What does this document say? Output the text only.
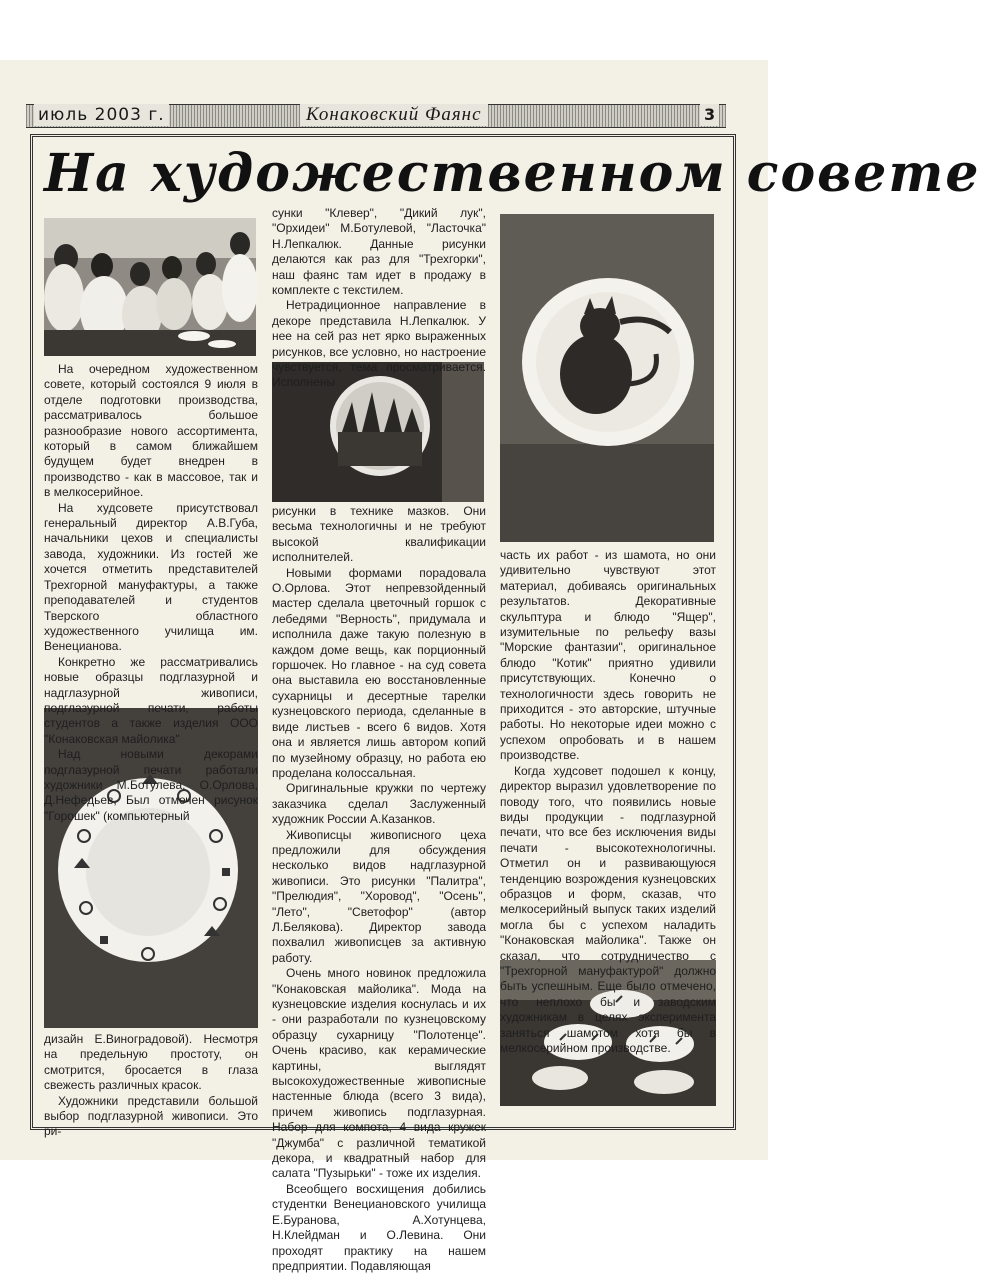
июль 2003 г.	Конаковский Фаянс	3
На художественном совете

На очередном художественном совете, который состоялся 9 июля в отделе подготовки производства, рассматривалось большое разнообразие нового ассортимента, который в самом ближайшем будущем будет внедрен в производство - как в массовое, так и в мелкосерийное.

На худсовете присутствовал генеральный директор А.В.Губа, начальники цехов и специалисты завода, художники. Из гостей же хочется отметить представителей Трехгорной мануфактуры, а также преподавателей и студентов Тверского областного художественного училища им. Венецианова.

Конкретно же рассматривались новые образцы подглазурной и надглазурной живописи, подглазурной печати, работы студентов а также изделия ООО "Конаковская майолика"

Над новыми декорами подглазурной печати работали художники М.Ботулева, О.Орлова, Д.Нефедьев, Был отмечен рисунок "Горошек" (компьютерный

дизайн Е.Виноградовой). Несмотря на предельную простоту, он смотрится, бросается в глаза свежесть различных красок.

Художники представили большой выбор подглазурной живописи. Это ри-

сунки "Клевер", "Дикий лук", "Орхидеи" М.Ботулевой, "Ласточка" Н.Лепкалюк. Данные рисунки делаются как раз для "Трехгорки", наш фаянс там идет в продажу в комплекте с текстилем.

Нетрадиционное направление в декоре представила Н.Лепкалюк. У нее на сей раз нет ярко выраженных рисунков, все условно, но настроение чувствуется, тема просматривается. Исполнены

рисунки в технике мазков. Они весьма технологичны и не требуют высокой квалификации исполнителей.

Новыми формами порадовала О.Орлова. Этот непревзойденный мастер сделала цветочный горшок с лебедями "Верность", придумала и исполнила даже такую полезную в каждом доме вещь, как порционный горшочек. Но главное - на суд совета она выставила ею восстановленные сухарницы и десертные тарелки кузнецовского периода, сделанные в виде листьев - всего 6 видов. Хотя она и является лишь автором копий по музейному образцу, но работа ею проделана колоссальная.

Оригинальные кружки по чертежу заказчика сделал Заслуженный художник России А.Казанков.

Живописцы живописного цеха предложили для обсуждения несколько видов надглазурной живописи. Это рисунки "Палитра", "Прелюдия", "Хоровод", "Осень", "Лето", "Светофор" (автор Л.Белякова). Директор завода похвалил живописцев за активную работу.

Очень много новинок предложила "Конаковская майолика". Мода на кузнецовские изделия коснулась и их - они разработали по кузнецовскому образцу сухарницу "Полотенце". Очень красиво, как керамические картины, выглядят высокохудожественные живописные настенные блюда (всего 3 вида), причем живопись подглазурная. Набор для компота, 4 вида кружек "Джумба" с различной тематикой декора, и квадратный набор для салата "Пузырьки" - тоже их изделия.

Всеобщего восхищения добились студентки Венециановского училища Е.Буранова, А.Хотунцева, Н.Клейдман и О.Левина. Они проходят практику на нашем предприятии. Подавляющая

часть их работ - из шамота, но они удивительно чувствуют этот материал, добиваясь оригинальных результатов. Декоративные скульптура и блюдо "Ящер", изумительные по рельефу вазы "Морские фантазии", оригинальное блюдо "Котик" приятно удивили присутствующих. Конечно о технологичности здесь говорить не приходится - это авторские, штучные работы. Но некоторые идеи можно с успехом опробовать и в нашем производстве.

Когда худсовет подошел к концу, директор выразил удовлетворение по поводу того, что появились новые виды продукции - подглазурной печати, что все без исключения виды печати - высокотехнологичны. Отметил он и развивающуюся тенденцию возрождения кузнецовских образцов и форм, сказав, что мелкосерийный выпуск таких изделий могла бы с успехом наладить "Конаковская майолика". Также он сказал, что сотрудничество с "Трехгорной мануфактурой" должно быть успешным. Еще было отмечено, что неплохо бы и заводским художникам в целях эксперимента заняться шамотом хотя бы в мелкосерийном производстве.
